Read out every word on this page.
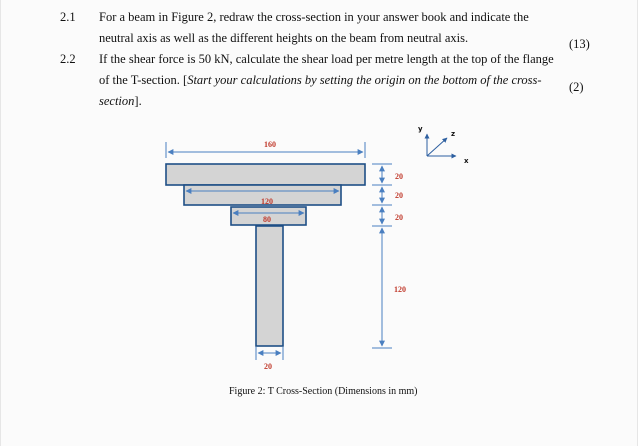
2.1 For a beam in Figure 2, redraw the cross-section in your answer book and indicate the
neutral axis as well as the different heights on the beam from neutral axis.	(13)
2.2 If the shear force is 50 kN, calculate the shear load per metre length at the top of the flange
of the T-section. [Start your calculations by setting the origin on the bottom of the cross-
section].
(2)
160
120
80
20
20
20
20
120
y
x
z
Figure 2: T Cross-Section (Dimensions in mm)
